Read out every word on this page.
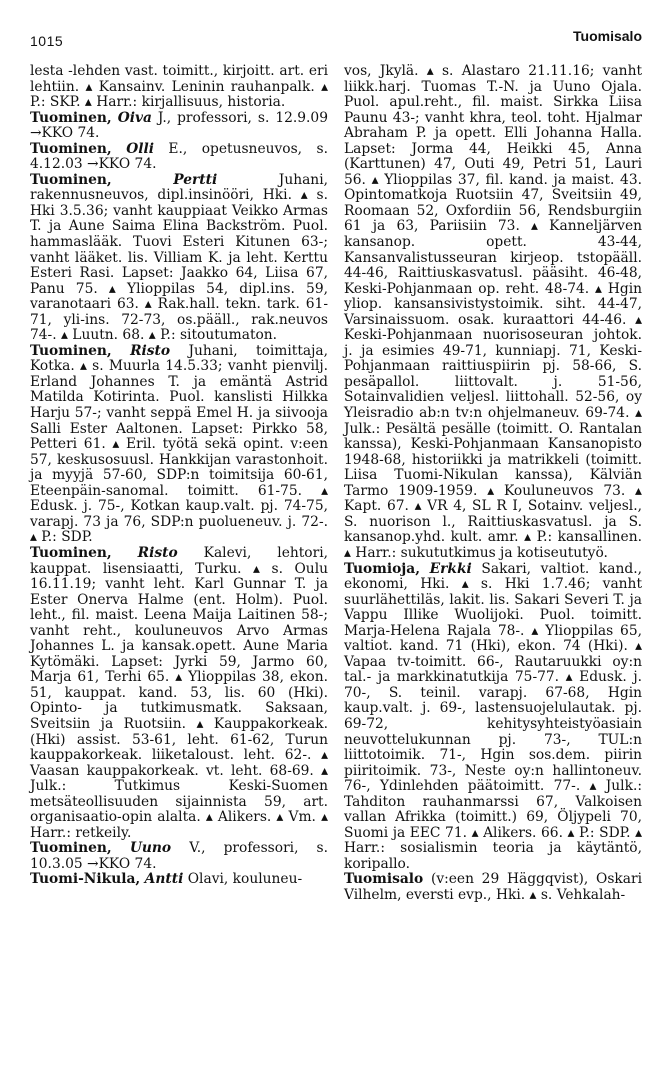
1015	Tuomisalo

lesta -lehden vast. toimitt., kirjoitt. art. eri lehtiin. ▴ Kansainv. Leninin rauhanpalk. ▴ P.: SKP. ▴ Harr.: kirjallisuus, historia.

Tuominen, Oiva J., professori, s. 12.9.09 →KKO 74.

Tuominen, Olli E., opetusneuvos, s. 4.12.03 →KKO 74.

Tuominen,	Pertti Juhani, rakennusneuvos, dipl.insinööri, Hki. ▴ s. Hki 3.5.36; vanht kauppiaat Veikko Armas T. ja Aune Saima Elina Backström. Puol. hammaslääk. Tuovi Esteri Kitunen 63-; vanht lääket. lis. Villiam K. ja leht. Kerttu Esteri Rasi. Lapset: Jaakko 64, Liisa 67, Panu 75. ▴ Ylioppilas 54, dipl.ins. 59, varanotaari 63. ▴ Rak.hall. tekn. tark. 61-71, yli-ins. 72-73, os.pääll., rak.neuvos 74-. ▴ Luutn. 68. ▴ P.: sitoutumaton.

Tuominen, Risto Juhani, toimittaja, Kotka. ▴ s. Muurla 14.5.33; vanht pienvilj. Erland Johannes T. ja emäntä Astrid Matilda Kotirinta. Puol. kanslisti Hilkka Harju 57-; vanht seppä Emel H. ja siivooja Salli Ester Aaltonen. Lapset: Pirkko 58, Petteri 61. ▴ Eril. työtä sekä opint. v:een 57, keskusosuusl. Hankkijan varastonhoit. ja myyjä 57-60, SDP:n toimitsija 60-61, Eteenpäin-sanomal. toimitt. 61-75. ▴ Edusk. j. 75-, Kotkan kaup.valt. pj. 74-75, varapj. 73 ja 76, SDP:n puolueneuv. j. 72-. ▴ P.: SDP.

Tuominen, Risto Kalevi, lehtori, kauppat. lisensiaatti, Turku. ▴ s. Oulu 16.11.19; vanht leht. Karl Gunnar T. ja Ester Onerva Halme (ent. Holm). Puol. leht., fil. maist. Leena Maija Laitinen 58-; vanht reht., kouluneuvos Arvo Armas Johannes L. ja kansak.opett. Aune Maria Kytömäki. Lapset: Jyrki 59, Jarmo 60, Marja 61, Terhi 65. ▴ Ylioppilas 38, ekon. 51, kauppat. kand. 53, lis. 60 (Hki). Opinto- ja tutkimusmatk. Saksaan, Sveitsiin ja Ruotsiin. ▴ Kauppakorkeak. (Hki) assist. 53-61, leht. 61-62, Turun kauppakorkeak. liiketaloust. leht. 62-. ▴ Vaasan kauppakorkeak. vt. leht. 68-69. ▴ Julk.: Tutkimus Keski-Suomen metsäteollisuuden sijainnista 59, art. organisaatio-opin alalta. ▴ Alikers. ▴ Vm. ▴ Harr.: retkeily.

Tuominen, Uuno V., professori, s. 10.3.05 →KKO 74.

Tuomi-Nikula, Antti Olavi, kouluneu-

vos, Jkylä. ▴ s. Alastaro 21.11.16; vanht liikk.harj. Tuomas T.-N. ja Uuno Ojala. Puol. apul.reht., fil. maist. Sirkka Liisa Paunu 43-; vanht khra, teol. toht. Hjalmar Abraham P. ja opett. Elli Johanna Halla. Lapset: Jorma 44, Heikki 45, Anna (Karttunen) 47, Outi 49, Petri 51, Lauri 56. ▴ Ylioppilas 37, fil. kand. ja maist. 43. Opintomatkoja Ruotsiin 47, Sveitsiin 49, Roomaan 52, Oxfordiin 56, Rendsburgiin 61 ja 63, Pariisiin 73. ▴ Kanneljärven kansanop. opett. 43-44, Kansanvalistusseuran kirjeop. tstopääll. 44-46, Raittiuskasvatusl. pääsiht. 46-48, Keski-Pohjanmaan op. reht. 48-74. ▴ Hgin yliop. kansansivistystoimik. siht. 44-47, Varsinaissuom. osak. kuraattori 44-46. ▴ Keski-Pohjanmaan nuorisoseuran johtok. j. ja esimies 49-71, kunniapj. 71, Keski-Pohjanmaan raittiuspiirin pj. 58-66, S. pesäpallol. liittovalt. j. 51-56, Sotainvalidien veljesl. liittohall. 52-56, oy Yleisradio ab:n tv:n ohjelmaneuv. 69-74. ▴ Julk.: Pesältä pesälle (toimitt. O. Rantalan kanssa), Keski-Pohjanmaan Kansanopisto 1948-68, historiikki ja matrikkeli (toimitt. Liisa Tuomi-Nikulan kanssa), Kälviän Tarmo 1909-1959. ▴ Kouluneuvos 73. ▴ Kapt. 67. ▴ VR 4, SL R I, Sotainv. veljesl., S. nuorison l., Raittiuskasvatusl. ja S. kansanop.yhd. kult. amr. ▴ P.: kansallinen. ▴ Harr.: sukututkimus ja kotiseututyö.

Tuomioja, Erkki Sakari, valtiot. kand., ekonomi, Hki. ▴ s. Hki 1.7.46; vanht suurlähettiläs, lakit. lis. Sakari Severi T. ja Vappu Illike Wuolijoki. Puol. toimitt. Marja-Helena Rajala 78-. ▴ Ylioppilas 65, valtiot. kand. 71 (Hki), ekon. 74 (Hki). ▴ Vapaa tv-toimitt. 66-, Rautaruukki oy:n tal.- ja markkinatutkija 75-77. ▴ Edusk. j. 70-, S. teinil. varapj. 67-68, Hgin kaup.valt. j. 69-, lastensuojelulautak. pj. 69-72, kehitysyhteistyöasiain neuvottelukunnan pj. 73-, TUL:n liittotoimik. 71-, Hgin sos.dem. piirin piiritoimik. 73-, Neste oy:n hallintoneuv. 76-, Ydinlehden päätoimitt. 77-. ▴ Julk.: Tahditon rauhanmarssi 67, Valkoisen vallan Afrikka (toimitt.) 69, Öljypeli 70, Suomi ja EEC 71. ▴ Alikers. 66. ▴ P.: SDP. ▴ Harr.: sosialismin teoria ja käytäntö, koripallo.

Tuomisalo (v:een 29 Häggqvist), Oskari Vilhelm, eversti evp., Hki. ▴ s. Vehkalah-
